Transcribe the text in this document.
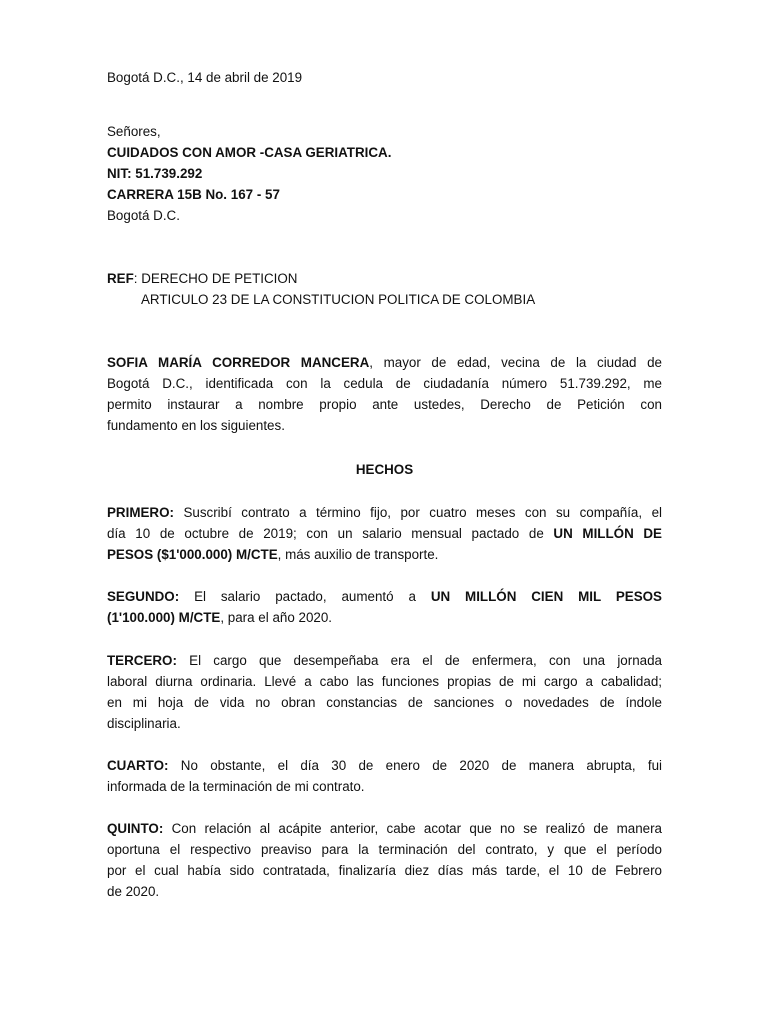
Bogotá D.C., 14 de abril de 2019
Señores,
CUIDADOS CON AMOR -CASA GERIATRICA.
NIT: 51.739.292
CARRERA 15B No. 167 - 57
Bogotá D.C.
REF: DERECHO DE PETICION
ARTICULO 23 DE LA CONSTITUCION POLITICA DE COLOMBIA
SOFIA MARÍA CORREDOR MANCERA, mayor de edad, vecina de la ciudad de
Bogotá D.C., identificada con la cedula de ciudadanía número 51.739.292, me
permito instaurar a nombre propio ante ustedes, Derecho de Petición con
fundamento en los siguientes.
HECHOS
PRIMERO: Suscribí contrato a término fijo, por cuatro meses con su compañía, el
día 10 de octubre de 2019; con un salario mensual pactado de UN MILLÓN DE
PESOS ($1'000.000) M/CTE, más auxilio de transporte.
SEGUNDO: El salario pactado, aumentó a UN MILLÓN CIEN MIL PESOS
(1'100.000) M/CTE, para el año 2020.
TERCERO: El cargo que desempeñaba era el de enfermera, con una jornada
laboral diurna ordinaria. Llevé a cabo las funciones propias de mi cargo a cabalidad;
en mi hoja de vida no obran constancias de sanciones o novedades de índole
disciplinaria.
CUARTO: No obstante, el día 30 de enero de 2020 de manera abrupta, fui
informada de la terminación de mi contrato.
QUINTO: Con relación al acápite anterior, cabe acotar que no se realizó de manera
oportuna el respectivo preaviso para la terminación del contrato, y que el período
por el cual había sido contratada, finalizaría diez días más tarde, el 10 de Febrero
de 2020.
